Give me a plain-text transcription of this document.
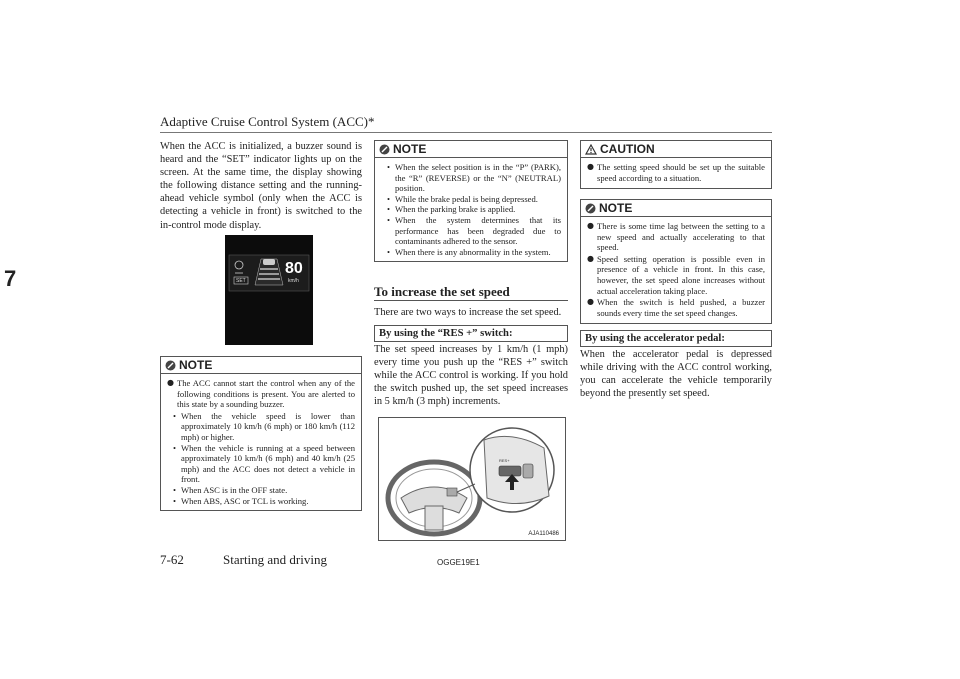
Adaptive Cruise Control System (ACC)*
7
When the ACC is initialized, a buzzer sound is heard and the “SET” indicator lights up on the screen. At the same time, the display showing the following distance setting and the running-ahead vehicle symbol (only when the ACC is detecting a vehicle in front) is switched to the in-control mode display.
SET
80
km/h
NOTE
● The ACC cannot start the control when any of the following conditions is present. You are alerted to this state by a sounding buzzer.
• When the vehicle speed is lower than approximately 10 km/h (6 mph) or 180 km/h (112 mph) or higher.
• When the vehicle is running at a speed between approximately 10 km/h (6 mph) and 40 km/h (25 mph) and the ACC does not detect a vehicle in front.
• When ASC is in the OFF state.
• When ABS, ASC or TCL is working.
NOTE
• When the select position is in the “P” (PARK), the “R” (REVERSE) or the “N” (NEUTRAL) position.
• While the brake pedal is being depressed.
• When the parking brake is applied.
• When the system determines that its performance has been degraded due to contaminants adhered to the sensor.
• When there is any abnormality in the system.
To increase the set speed
There are two ways to increase the set speed.
By using the “RES +” switch:
The set speed increases by 1 km/h (1 mph) every time you push up the “RES +” switch while the ACC control is working. If you hold the switch pushed up, the set speed increases in 5 km/h (3 mph) increments.
RES+
AJA110486
CAUTION
● The setting speed should be set up the suitable speed according to a situation.
NOTE
● There is some time lag between the setting to a new speed and actually accelerating to that speed.
● Speed setting operation is possible even in presence of a vehicle in front. In this case, however, the set speed alone increases without actual acceleration taking place.
● When the switch is held pushed, a buzzer sounds every time the set speed changes.
By using the accelerator pedal:
When the accelerator pedal is depressed while driving with the ACC control working, you can accelerate the vehicle temporarily beyond the presently set speed.
7-62	Starting and driving	OGGE19E1
